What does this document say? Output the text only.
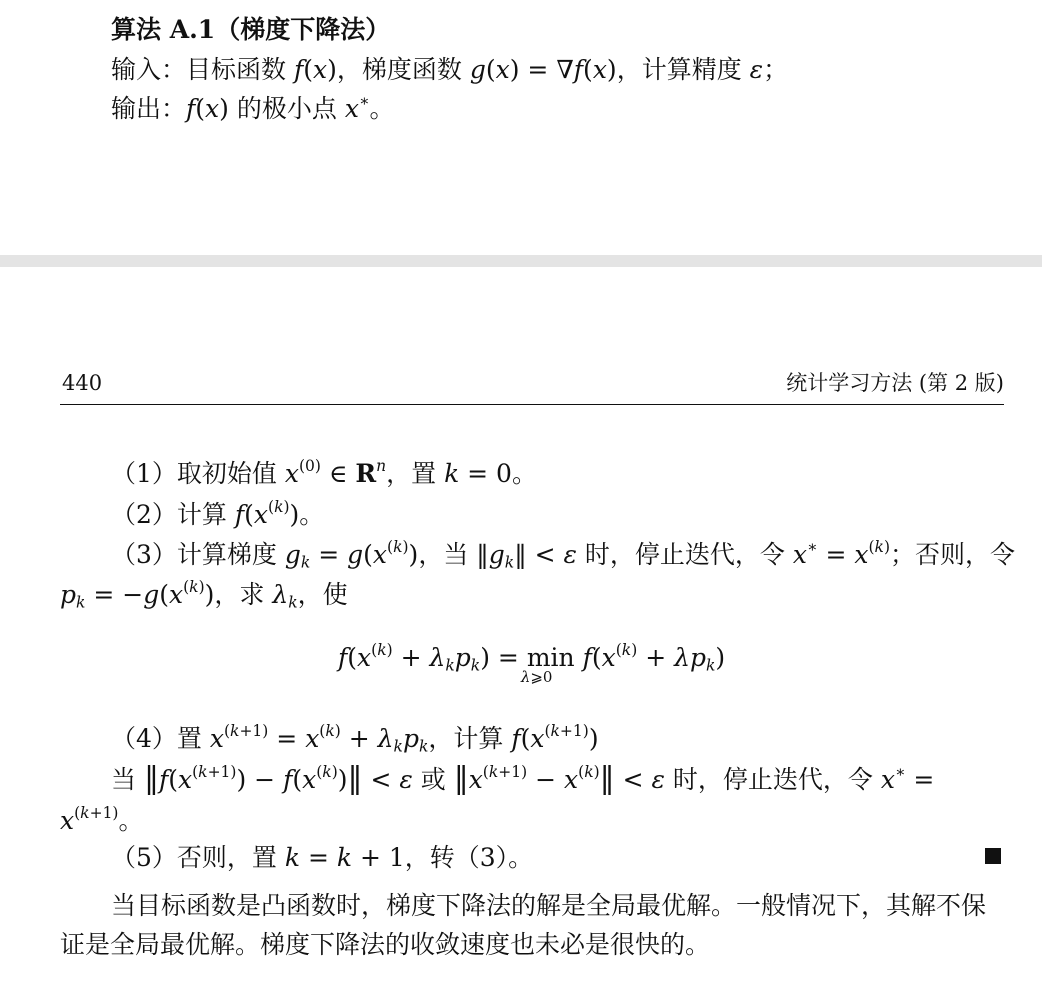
算法 A.1（梯度下降法）
输入：目标函数 f(x)，梯度函数 g(x) = ∇f(x)，计算精度 ε；
输出：f(x) 的极小点 x∗。
440	统计学习方法 (第 2 版)
（1）取初始值 $x^{(0)}$ ∈ $R^n$，置 k = 0。
（2）计算 $f(x^{(k)})$。
（3）计算梯度 $g_k = g(x^{(k)})$，当 $‖g_k‖ < \varepsilon$ 时，停止迭代，令 $x^∗ = x^{(k)}$；否则，令
$p_k = -g(x^{(k)})$，求 $\lambda_k$，使
$f(x^{(k)} + \lambda_kp_k) = \min$
λ⩾0
$f(x^{(k)} + \lambda p_k)$
（4）置 $x^{(k+1)} = x^{(k)} + \lambda_kp_k$，计算 $f(x^{(k+1)})$
当 $‖f(x^{(k+1)})$ − $f(x^{(k)})‖ < \varepsilon$ 或 $‖x^{(k+1)}$ − $x^{(k)}‖ < \varepsilon$ 时，停止迭代，令 x∗ =
$x^{(k+1)}$。
（5）否则，置 k = k + 1，转（3）。
当目标函数是凸函数时，梯度下降法的解是全局最优解。一般情况下，其解不保
证是全局最优解。梯度下降法的收敛速度也未必是很快的。
